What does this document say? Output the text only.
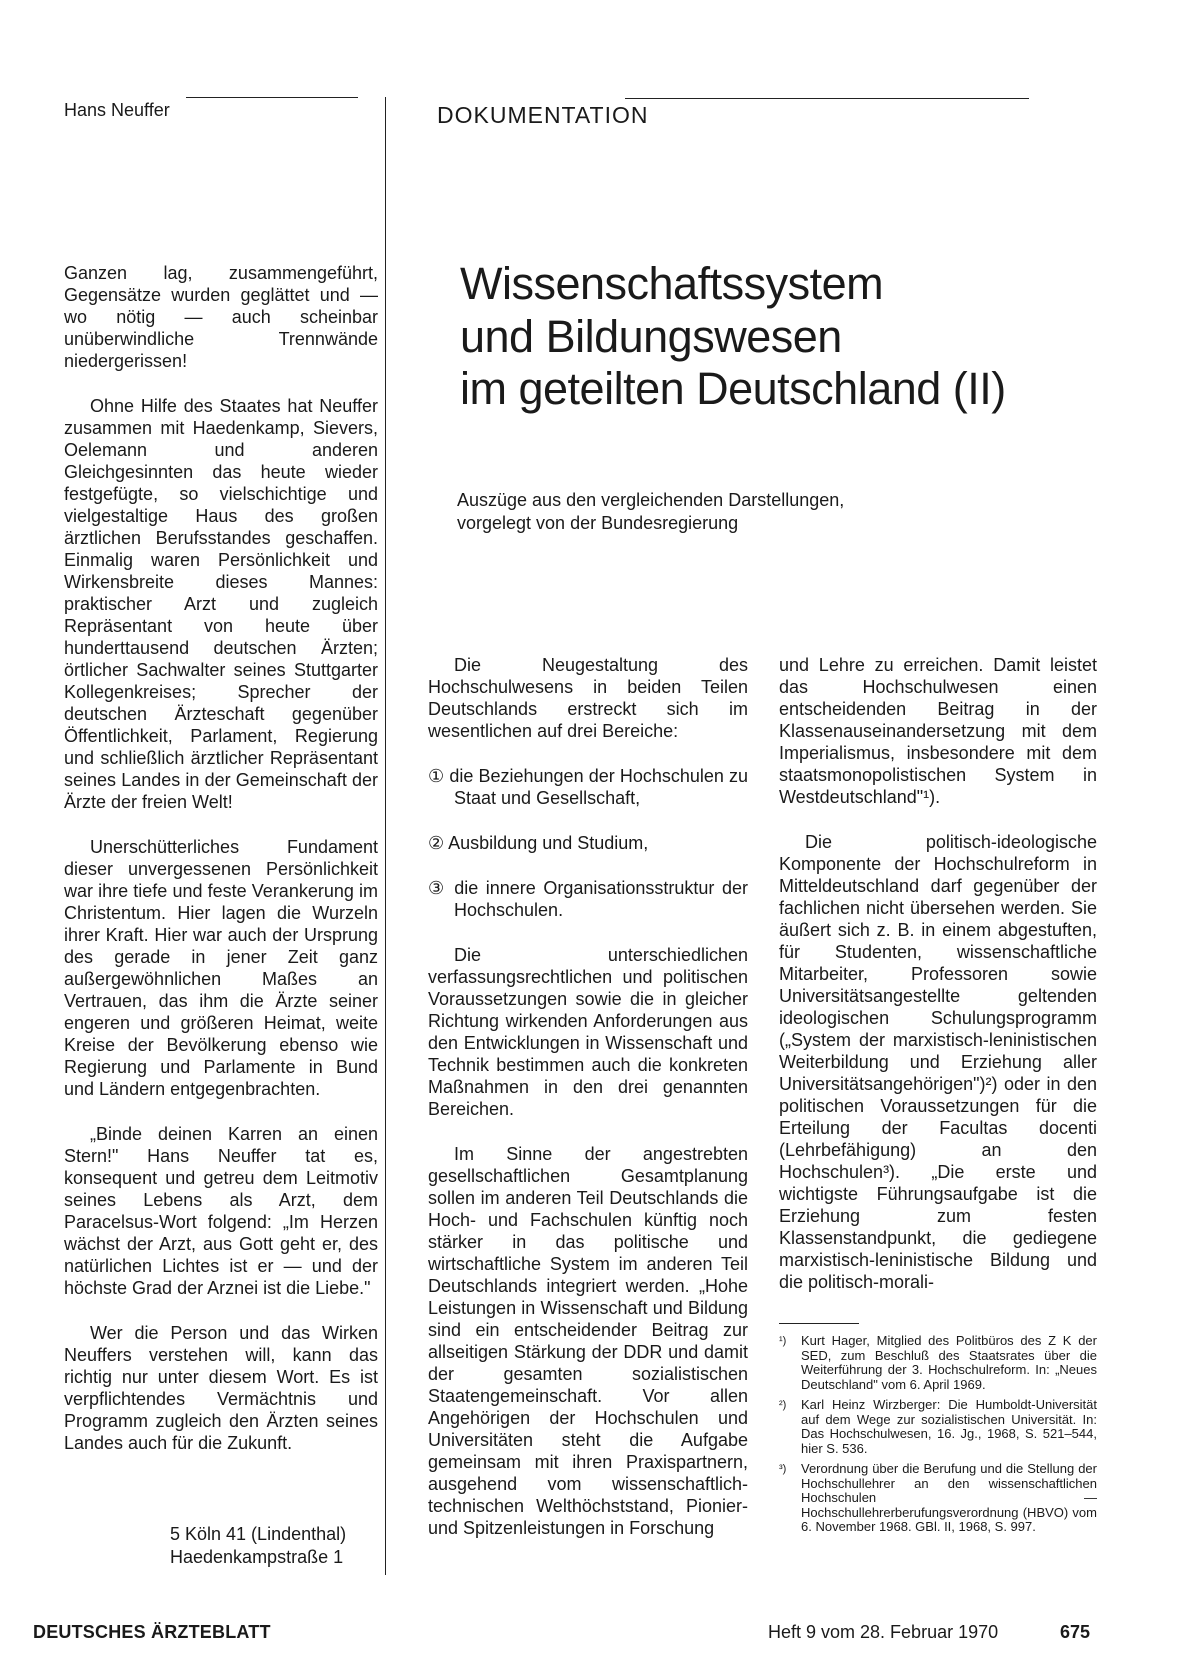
Hans Neuffer	DOKUMENTATION
Wissenschaftssystem
und Bildungswesen
im geteilten Deutschland (II)
Auszüge aus den vergleichenden Darstellungen,
vorgelegt von der Bundesregierung

Ganzen lag, zusammengeführt, Gegensätze wurden geglättet und — wo nötig — auch scheinbar unüberwindliche Trennwände niedergerissen!

Ohne Hilfe des Staates hat Neuffer zusammen mit Haedenkamp, Sievers, Oelemann und anderen Gleichgesinnten das heute wieder festgefügte, so vielschichtige und vielgestaltige Haus des großen ärztlichen Berufsstandes geschaffen. Einmalig waren Persönlichkeit und Wirkensbreite dieses Mannes: praktischer Arzt und zugleich Repräsentant von heute über hunderttausend deutschen Ärzten; örtlicher Sachwalter seines Stuttgarter Kollegenkreises; Sprecher der deutschen Ärzteschaft gegenüber Öffentlichkeit, Parlament, Regierung und schließlich ärztlicher Repräsentant seines Landes in der Gemeinschaft der Ärzte der freien Welt!

Unerschütterliches Fundament dieser unvergessenen Persönlichkeit war ihre tiefe und feste Verankerung im Christentum. Hier lagen die Wurzeln ihrer Kraft. Hier war auch der Ursprung des gerade in jener Zeit ganz außergewöhnlichen Maßes an Vertrauen, das ihm die Ärzte seiner engeren und größeren Heimat, weite Kreise der Bevölkerung ebenso wie Regierung und Parlamente in Bund und Ländern entgegenbrachten.

„Binde deinen Karren an einen Stern!" Hans Neuffer tat es, konsequent und getreu dem Leitmotiv seines Lebens als Arzt, dem Paracelsus-Wort folgend: „Im Herzen wächst der Arzt, aus Gott geht er, des natürlichen Lichtes ist er — und der höchste Grad der Arznei ist die Liebe."

Wer die Person und das Wirken Neuffers verstehen will, kann das richtig nur unter diesem Wort. Es ist verpflichtendes Vermächtnis und Programm zugleich den Ärzten seines Landes auch für die Zukunft.

5 Köln 41 (Lindenthal)
Haedenkampstraße 1

Die Neugestaltung des Hochschulwesens in beiden Teilen Deutschlands erstreckt sich im wesentlichen auf drei Bereiche:

① die Beziehungen der Hochschulen zu Staat und Gesellschaft,

② Ausbildung und Studium,

③ die innere Organisationsstruktur der Hochschulen.

Die unterschiedlichen verfassungsrechtlichen und politischen Voraussetzungen sowie die in gleicher Richtung wirkenden Anforderungen aus den Entwicklungen in Wissenschaft und Technik bestimmen auch die konkreten Maßnahmen in den drei genannten Bereichen.

Im Sinne der angestrebten gesellschaftlichen Gesamtplanung sollen im anderen Teil Deutschlands die Hoch- und Fachschulen künftig noch stärker in das politische und wirtschaftliche System im anderen Teil Deutschlands integriert werden. „Hohe Leistungen in Wissenschaft und Bildung sind ein entscheidender Beitrag zur allseitigen Stärkung der DDR und damit der gesamten sozialistischen Staatengemeinschaft. Vor allen Angehörigen der Hochschulen und Universitäten steht die Aufgabe gemeinsam mit ihren Praxispartnern, ausgehend vom wissenschaftlich-technischen Welthöchststand, Pionier- und Spitzenleistungen in Forschung

und Lehre zu erreichen. Damit leistet das Hochschulwesen einen entscheidenden Beitrag in der Klassenauseinandersetzung mit dem Imperialismus, insbesondere mit dem staatsmonopolistischen System in Westdeutschland"¹).

Die politisch-ideologische Komponente der Hochschulreform in Mitteldeutschland darf gegenüber der fachlichen nicht übersehen werden. Sie äußert sich z. B. in einem abgestuften, für Studenten, wissenschaftliche Mitarbeiter, Professoren sowie Universitätsangestellte geltenden ideologischen Schulungsprogramm („System der marxistisch-leninistischen Weiterbildung und Erziehung aller Universitätsangehörigen")²) oder in den politischen Voraussetzungen für die Erteilung der Facultas docenti (Lehrbefähigung) an den Hochschulen³). „Die erste und wichtigste Führungsaufgabe ist die Erziehung zum festen Klassenstandpunkt, die gediegene marxistisch-leninistische Bildung und die politisch-morali-

¹)	Kurt Hager, Mitglied des Politbüros des Z K der SED, zum Beschluß des Staatsrates über die Weiterführung der 3. Hochschulreform. In: „Neues Deutschland" vom 6. April 1969.
²)	Karl Heinz Wirzberger: Die Humboldt-Universität auf dem Wege zur sozialistischen Universität. In: Das Hochschulwesen, 16. Jg., 1968, S. 521–544, hier S. 536.
³)	Verordnung über die Berufung und die Stellung der Hochschullehrer an den wissenschaftlichen Hochschulen — Hochschullehrerberufungsverordnung (HBVO) vom 6. November 1968. GBl. II, 1968, S. 997.
DEUTSCHES ÄRZTEBLATT	Heft 9 vom 28. Februar 1970	675
